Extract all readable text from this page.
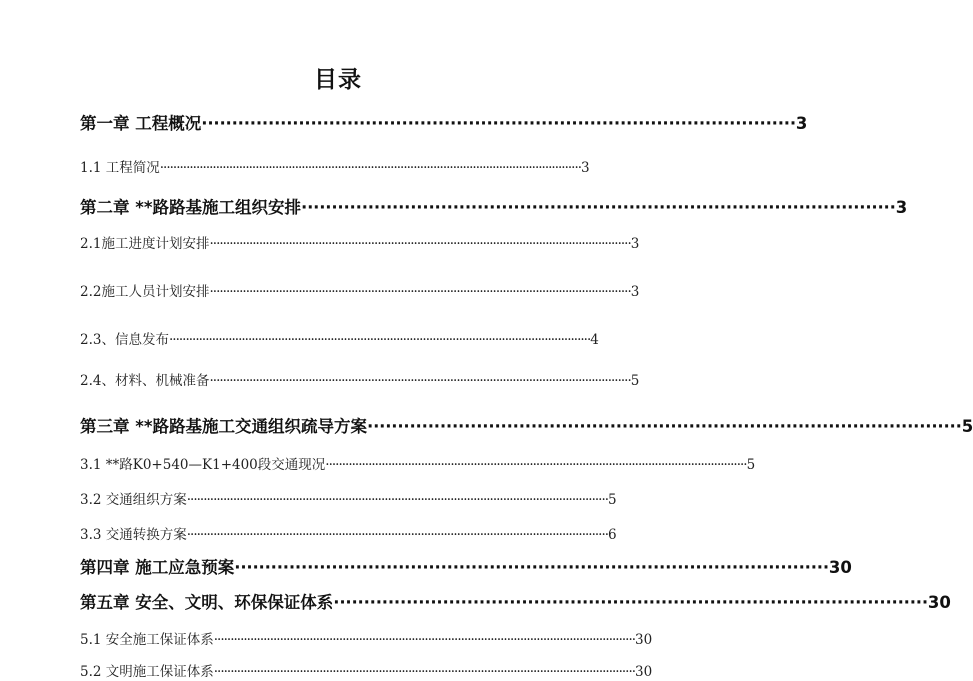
目录
第一章 工程概况 ·································································································· 3
1.1 工程简况 ································································································································ 3
第二章 **路路基施工组织安排 ·································································································· 3
2.1施工进度计划安排 ································································································································ 3
2.2施工人员计划安排 ································································································································ 3
2.3、信息发布 ································································································································ 4
2.4、材料、机械准备 ································································································································ 5
第三章 **路路基施工交通组织疏导方案 ·································································································· 5
3.1 **路K0+540—K1+400段交通现况 ································································································································ 5
3.2 交通组织方案 ································································································································ 5
3.3 交通转换方案 ································································································································ 6
第四章 施工应急预案 ·································································································· 30
第五章 安全、文明、环保保证体系 ·································································································· 30
5.1 安全施工保证体系 ································································································································ 30
5.2 文明施工保证体系 ································································································································ 30
